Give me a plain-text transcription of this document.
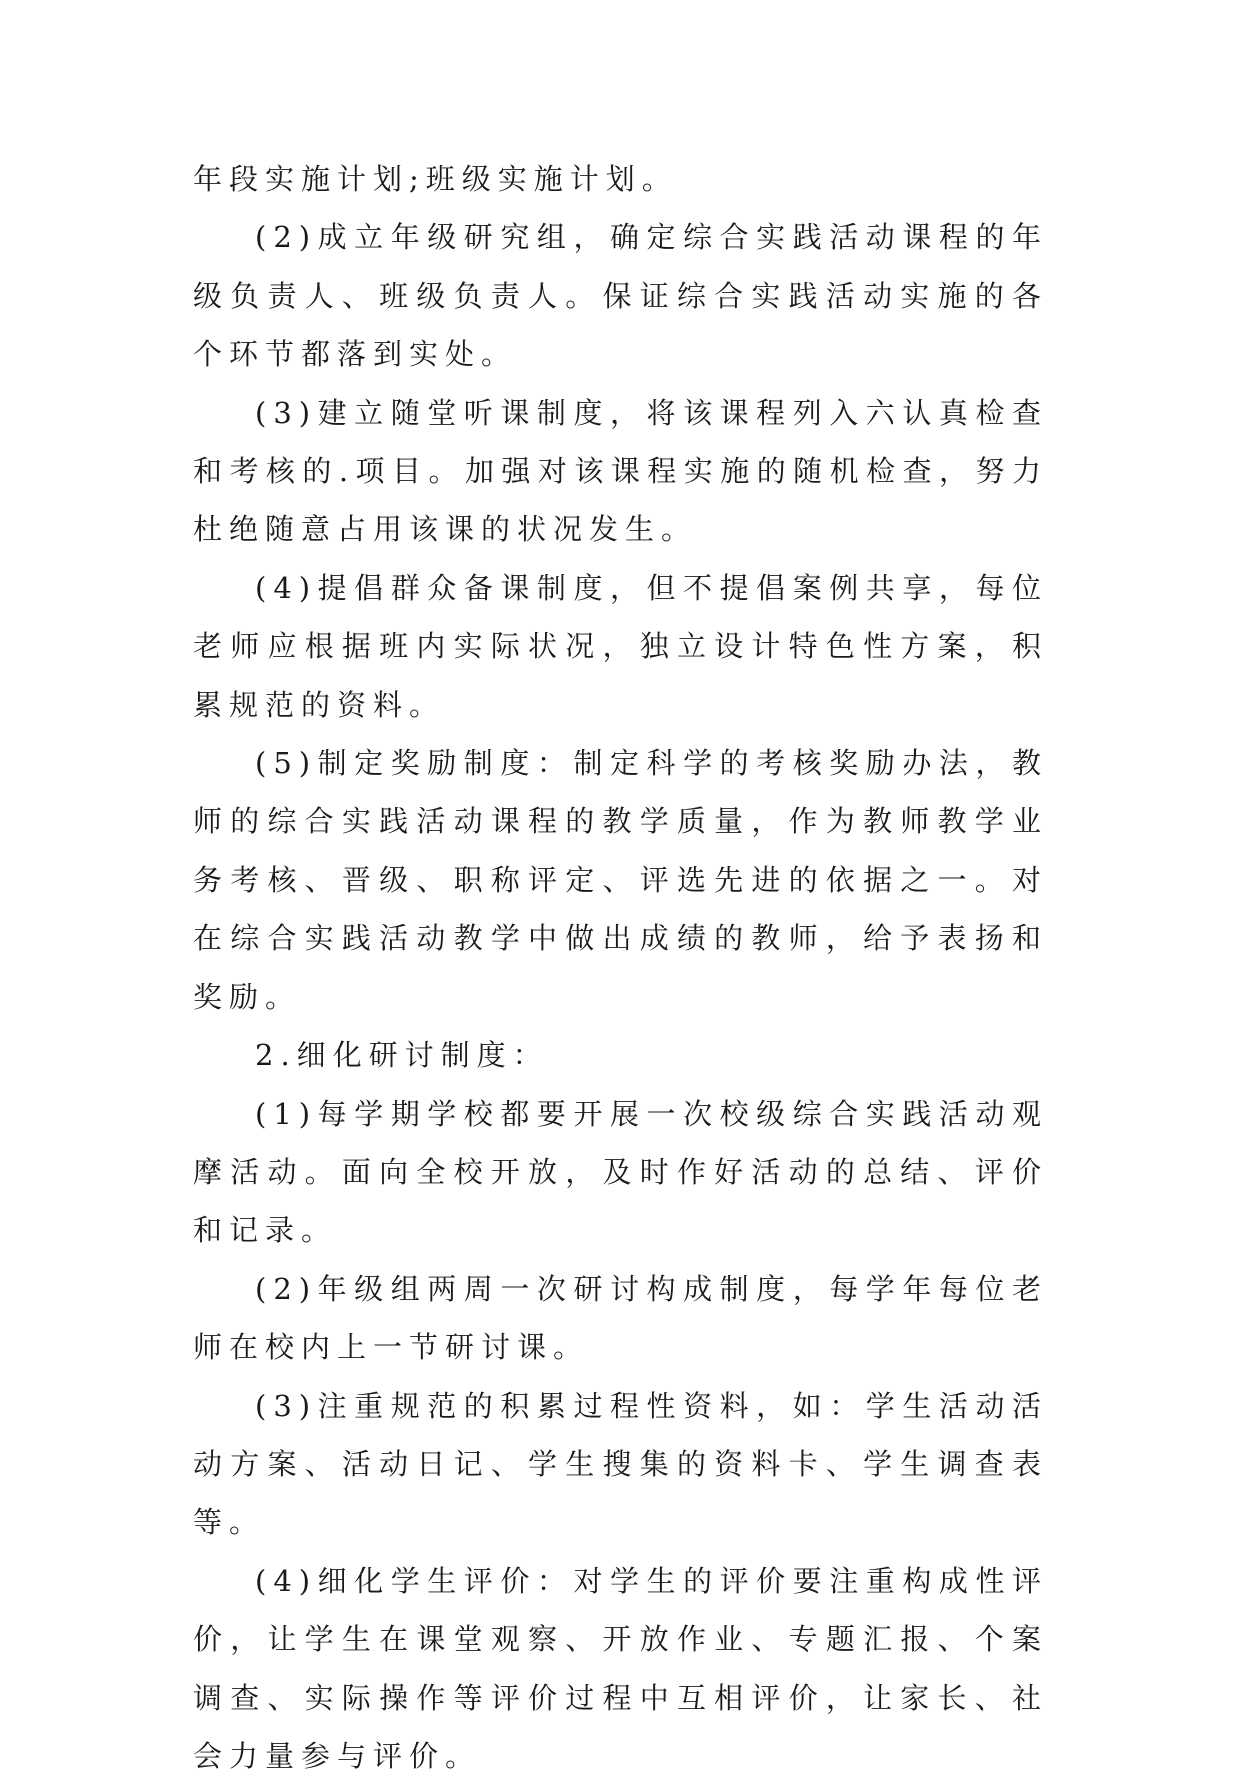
年段实施计划;班级实施计划。

(2)成立年级研究组，确定综合实践活动课程的年级负责人、班级负责人。保证综合实践活动实施的各个环节都落到实处。

(3)建立随堂听课制度，将该课程列入六认真检查和考核的.项目。加强对该课程实施的随机检查，努力杜绝随意占用该课的状况发生。

(4)提倡群众备课制度，但不提倡案例共享，每位老师应根据班内实际状况，独立设计特色性方案，积累规范的资料。

(5)制定奖励制度：制定科学的考核奖励办法，教师的综合实践活动课程的教学质量，作为教师教学业务考核、晋级、职称评定、评选先进的依据之一。对在综合实践活动教学中做出成绩的教师，给予表扬和奖励。

2.细化研讨制度：

(1)每学期学校都要开展一次校级综合实践活动观摩活动。面向全校开放，及时作好活动的总结、评价和记录。

(2)年级组两周一次研讨构成制度，每学年每位老师在校内上一节研讨课。

(3)注重规范的积累过程性资料，如：学生活动活动方案、活动日记、学生搜集的资料卡、学生调查表等。

(4)细化学生评价：对学生的评价要注重构成性评价，让学生在课堂观察、开放作业、专题汇报、个案调查、实际操作等评价过程中互相评价，让家长、社会力量参与评价。
